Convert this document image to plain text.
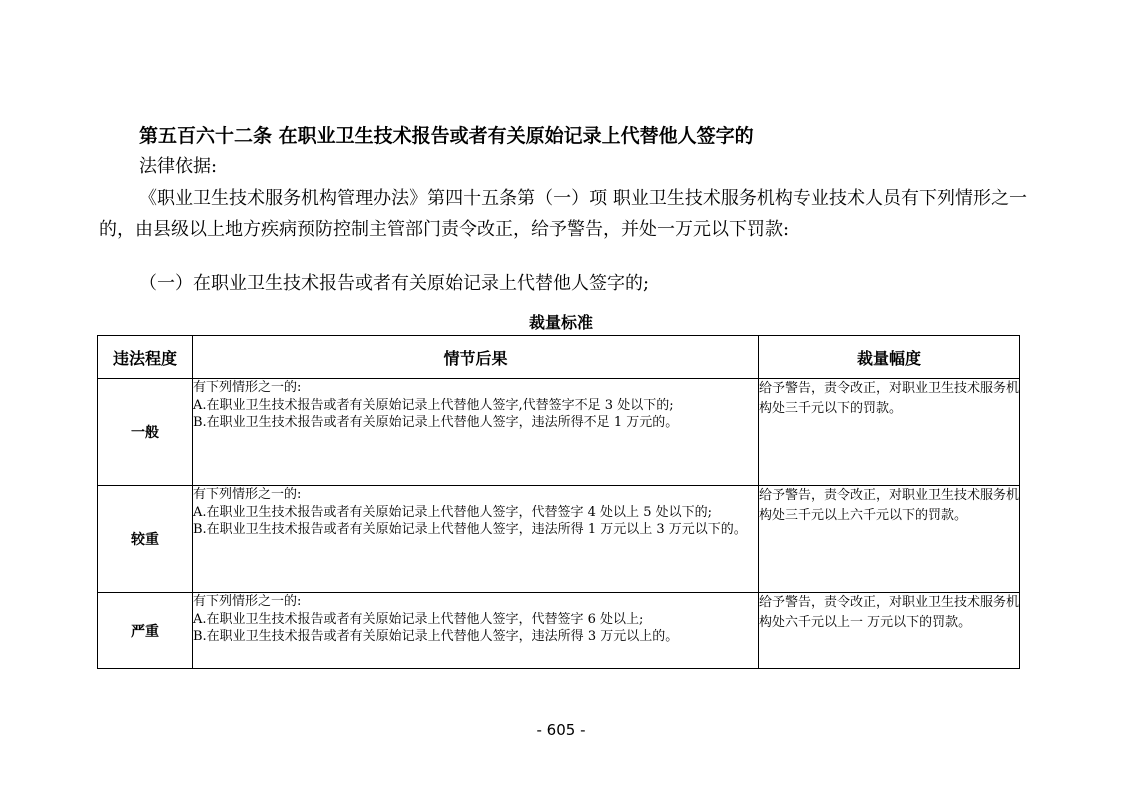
第五百六十二条 在职业卫生技术报告或者有关原始记录上代替他人签字的
法律依据:

《职业卫生技术服务机构管理办法》第四十五条第（一）项 职业卫生技术服务机构专业技术人员有下列情形之一的，由县级以上地方疾病预防控制主管部门责令改正，给予警告，并处一万元以下罚款:

（一）在职业卫生技术报告或者有关原始记录上代替他人签字的;
裁量标准
违法程度	情节后果	裁量幅度
一般	有下列情形之一的:
A.在职业卫生技术报告或者有关原始记录上代替他人签字,代替签字不足 3 处以下的;
B.在职业卫生技术报告或者有关原始记录上代替他人签字，违法所得不足 1 万元的。	给予警告，责令改正，对职业卫生技术服务机构处三千元以下的罚款。
较重	有下列情形之一的:
A.在职业卫生技术报告或者有关原始记录上代替他人签字，代替签字 4 处以上 5 处以下的;
B.在职业卫生技术报告或者有关原始记录上代替他人签字，违法所得 1 万元以上 3 万元以下的。	给予警告，责令改正，对职业卫生技术服务机构处三千元以上六千元以下的罚款。
严重	有下列情形之一的:
A.在职业卫生技术报告或者有关原始记录上代替他人签字，代替签字 6 处以上;
B.在职业卫生技术报告或者有关原始记录上代替他人签字，违法所得 3 万元以上的。	给予警告，责令改正，对职业卫生技术服务机构处六千元以上一 万元以下的罚款。
- 605 -
